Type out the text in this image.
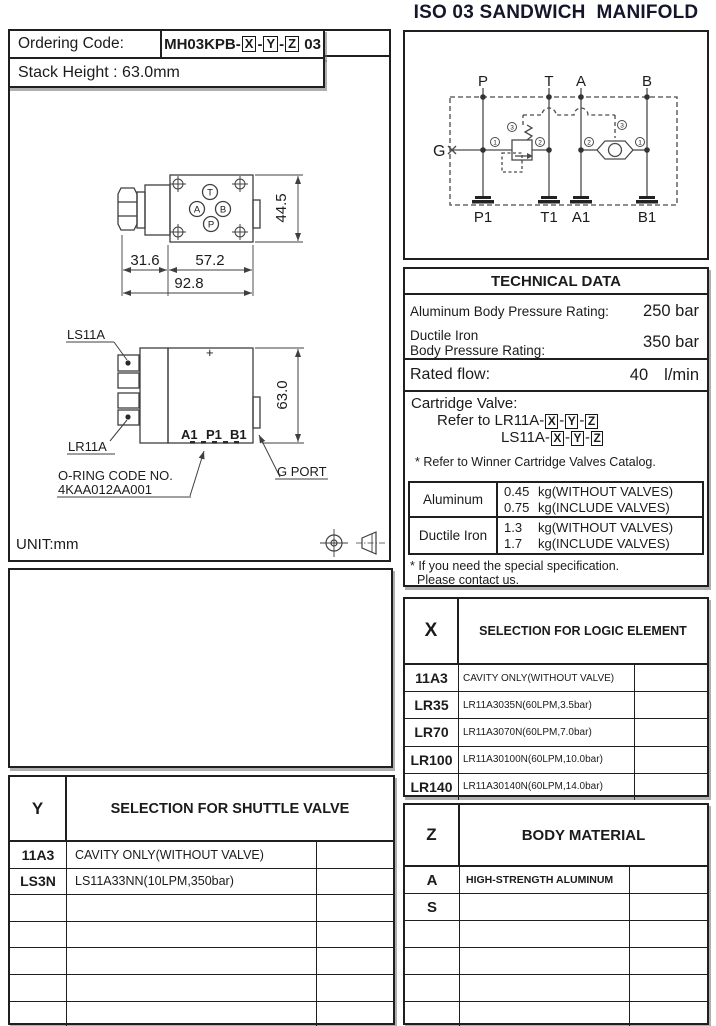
ISO 03 SANDWICH  MANIFOLD
Ordering Code:	MH03KPB- X - Y - Z
03
Stack Height : 63.0mm
T
A B
P
44.5
31.6 57.2
92.8
LS11A
LR11A
+
A1 P1 B1
63.0
O-RING CODE NO.
4KAA012AA001
G PORT
UNIT:mm
P	T A	B
P1	T1 A1	B1
G
1	2
3
2	1
3
TECHNICAL DATA
Aluminum Body Pressure Rating: 250 bar
Ductile Iron
Body Pressure Rating:	350 bar
Rated flow:	40 l/min
Cartridge Valve:
Refer to LR11A- X - Y - Z
LS11A- X - Y - Z
* Refer to Winner Cartridge Valves Catalog.
Aluminum
0.45 kg(WITHOUT VALVES)
0.75 kg(INCLUDE VALVES)
Ductile Iron
1.3 kg(WITHOUT VALVES)
1.7 kg(INCLUDE VALVES)
* If you need the special specification.
Please contact us.
X	SELECTION FOR LOGIC ELEMENT
11A3	CAVITY ONLY(WITHOUT VALVE)
LR35	LR11A3035N(60LPM,3.5bar)
LR70	LR11A3070N(60LPM,7.0bar)
LR100	LR11A30100N(60LPM,10.0bar)
LR140	LR11A30140N(60LPM,14.0bar)
Y	SELECTION FOR SHUTTLE VALVE
11A3	CAVITY ONLY(WITHOUT VALVE)
LS3N	LS11A33NN(10LPM,350bar)
Z	BODY MATERIAL
A	HIGH-STRENGTH ALUMINUM
S
